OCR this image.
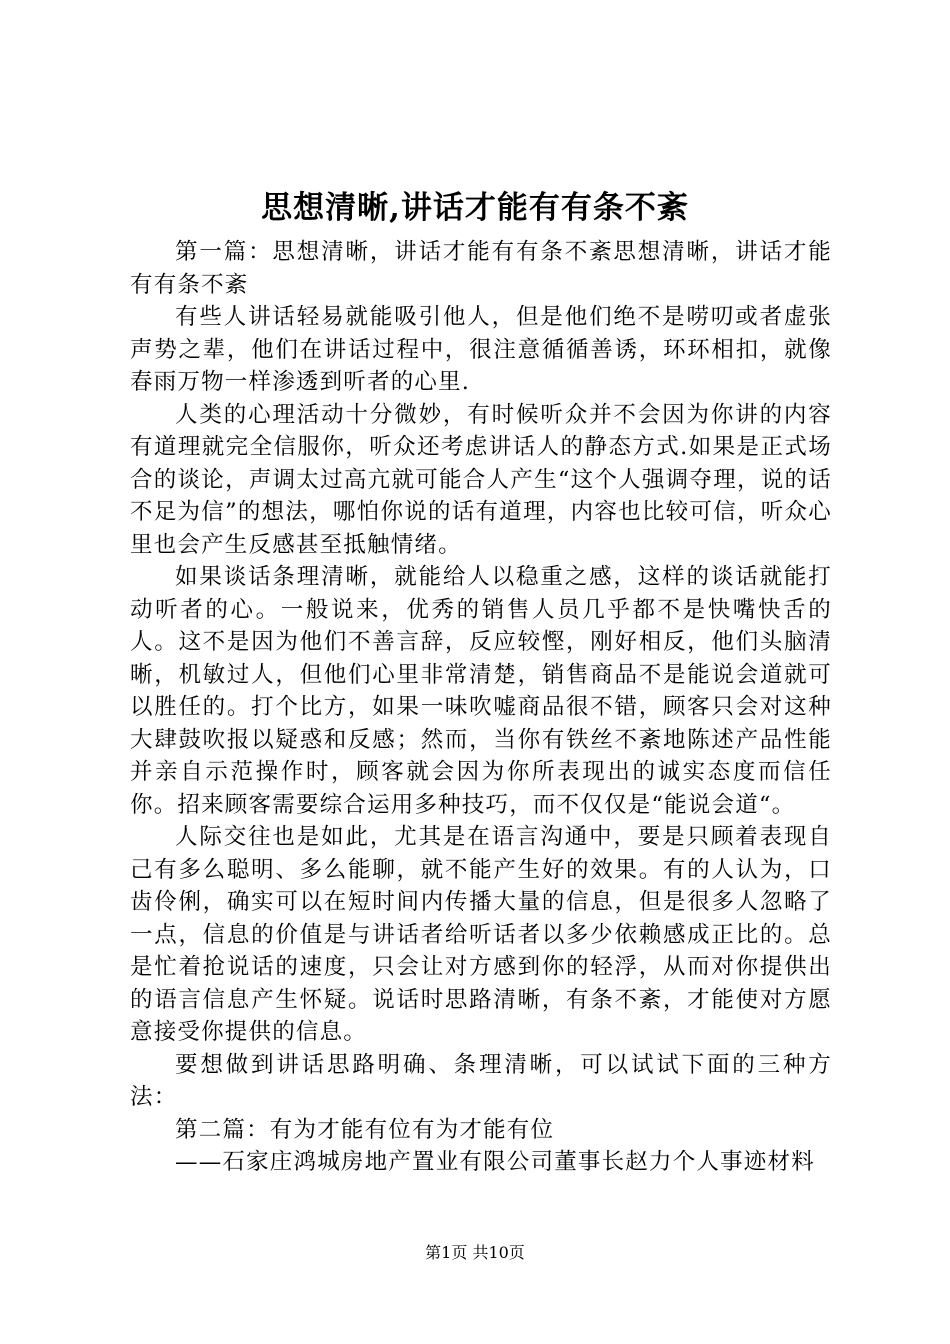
思想清晰,讲话才能有有条不紊

第一篇：思想清晰，讲话才能有有条不紊思想清晰，讲话才能有有条不紊

有些人讲话轻易就能吸引他人，但是他们绝不是唠叨或者虚张声势之辈，他们在讲话过程中，很注意循循善诱，环环相扣，就像春雨万物一样渗透到听者的心里.

人类的心理活动十分微妙，有时候听众并不会因为你讲的内容有道理就完全信服你，听众还考虑讲话人的静态方式.如果是正式场合的谈论，声调太过高亢就可能合人产生“这个人强调夺理，说的话不足为信”的想法，哪怕你说的话有道理，内容也比较可信，听众心里也会产生反感甚至抵触情绪。

如果谈话条理清晰，就能给人以稳重之感，这样的谈话就能打动听者的心。一般说来，优秀的销售人员几乎都不是快嘴快舌的人。这不是因为他们不善言辞，反应较慳，刚好相反，他们头脑清晰，机敏过人，但他们心里非常清楚，销售商品不是能说会道就可以胜任的。打个比方，如果一味吹嘘商品很不错，顾客只会对这种大肆鼓吹报以疑惑和反感；然而，当你有铁丝不紊地陈述产品性能并亲自示范操作时，顾客就会因为你所表现出的诚实态度而信任你。招来顾客需要综合运用多种技巧，而不仅仅是“能说会道“。

人际交往也是如此，尤其是在语言沟通中，要是只顾着表现自己有多么聪明、多么能聊，就不能产生好的效果。有的人认为，口齿伶俐，确实可以在短时间内传播大量的信息，但是很多人忽略了一点，信息的价值是与讲话者给听话者以多少依赖感成正比的。总是忙着抢说话的速度，只会让对方感到你的轻浮，从而对你提供出的语言信息产生怀疑。说话时思路清晰，有条不紊，才能使对方愿意接受你提供的信息。

要想做到讲话思路明确、条理清晰，可以试试下面的三种方法：

第二篇：有为才能有位有为才能有位

——石家庄鸿城房地产置业有限公司董事长赵力个人事迹材料

第1页 共10页
